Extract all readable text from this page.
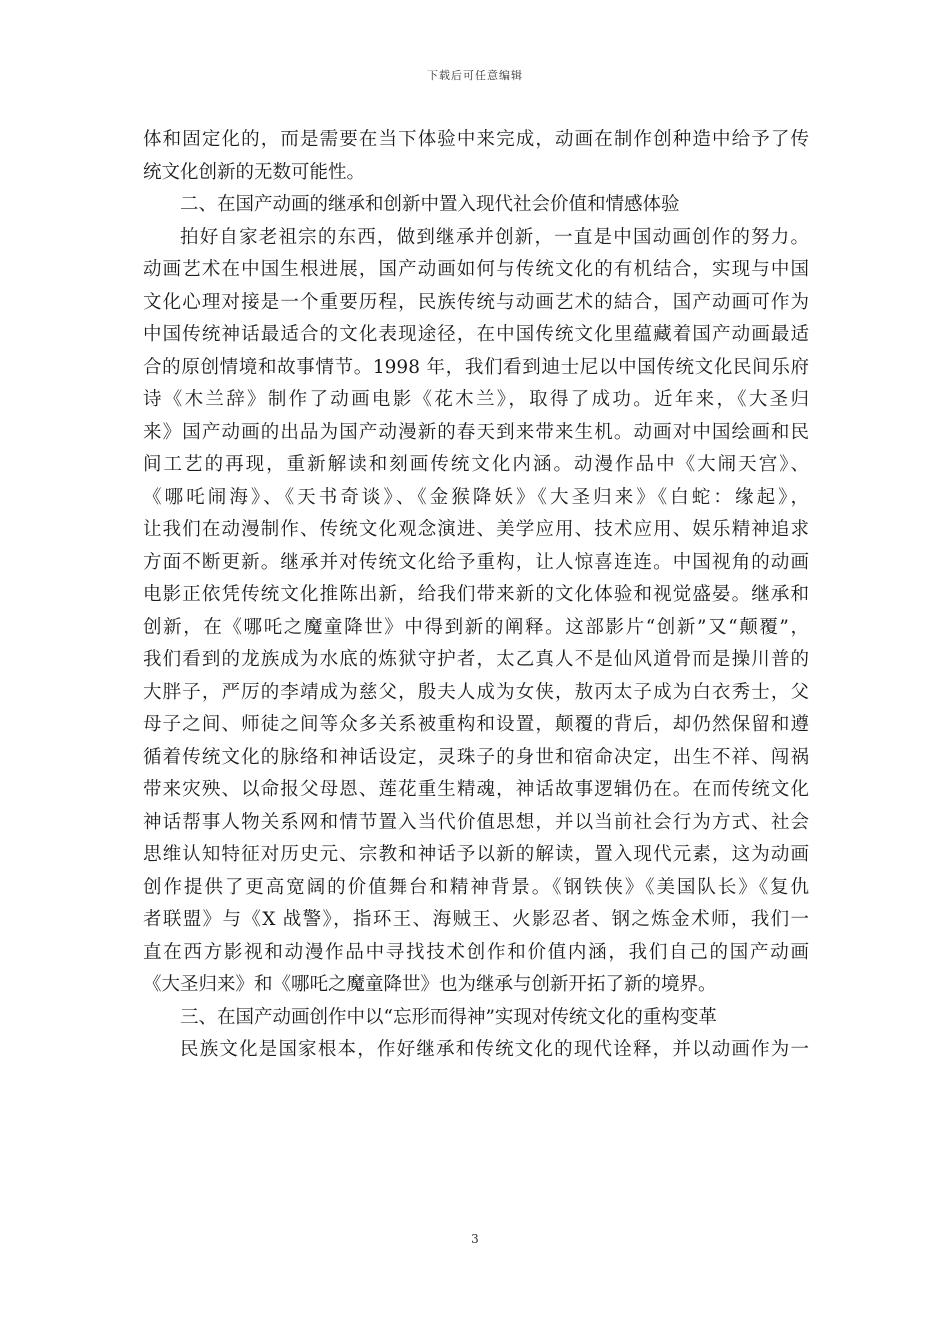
下载后可任意编辑
体和固定化的，而是需要在当下体验中来完成，动画在制作创种造中给予了传
统文化创新的无数可能性。
二、在国产动画的继承和创新中置入现代社会价值和情感体验
拍好自家老祖宗的东西，做到继承并创新，一直是中国动画创作的努力。
动画艺术在中国生根进展，国产动画如何与传统文化的有机结合，实现与中国
文化心理对接是一个重要历程，民族传统与动画艺术的結合，国产动画可作为
中国传统神话最适合的文化表现途径，在中国传统文化里蕴藏着国产动画最适
合的原创情境和故事情节。1998 年，我们看到迪士尼以中国传统文化民间乐府
诗《木兰辞》制作了动画电影《花木兰》，取得了成功。近年来，《大圣归
来》国产动画的出品为国产动漫新的春天到来带来生机。动画对中国绘画和民
间工艺的再现，重新解读和刻画传统文化内涵。动漫作品中《大闹天宫》、
《哪吒闹海》、《天书奇谈》、《金猴降妖》《大圣归来》《白蛇：缘起》，
让我们在动漫制作、传统文化观念演进、美学应用、技术应用、娱乐精神追求
方面不断更新。继承并对传统文化给予重构，让人惊喜连连。中国视角的动画
电影正依凭传统文化推陈出新，给我们带来新的文化体验和视觉盛晏。继承和
创新，在《哪吒之魔童降世》中得到新的阐释。这部影片“创新”又“颠覆”，
我们看到的龙族成为水底的炼狱守护者，太乙真人不是仙风道骨而是操川普的
大胖子，严厉的李靖成为慈父，殷夫人成为女侠，敖丙太子成为白衣秀士，父
母子之间、师徒之间等众多关系被重构和设置，颠覆的背后，却仍然保留和遵
循着传统文化的脉络和神话设定，灵珠子的身世和宿命决定，出生不祥、闯祸
带来灾殃、以命报父母恩、莲花重生精魂，神话故事逻辑仍在。在而传统文化
神话帮事人物关系网和情节置入当代价值思想，并以当前社会行为方式、社会
思维认知特征对历史元、宗教和神话予以新的解读，置入现代元素，这为动画
创作提供了更高宽阔的价值舞台和精神背景。《钢铁侠》《美国队长》《复仇
者联盟》与《X 战警》，指环王、海贼王、火影忍者、钢之炼金术师，我们一
直在西方影视和动漫作品中寻找技术创作和价值内涵，我们自己的国产动画
《大圣归来》和《哪吒之魔童降世》也为继承与创新开拓了新的境界。
三、在国产动画创作中以“忘形而得神”实现对传统文化的重构变革
民族文化是国家根本，作好继承和传统文化的现代诠释，并以动画作为一
3
